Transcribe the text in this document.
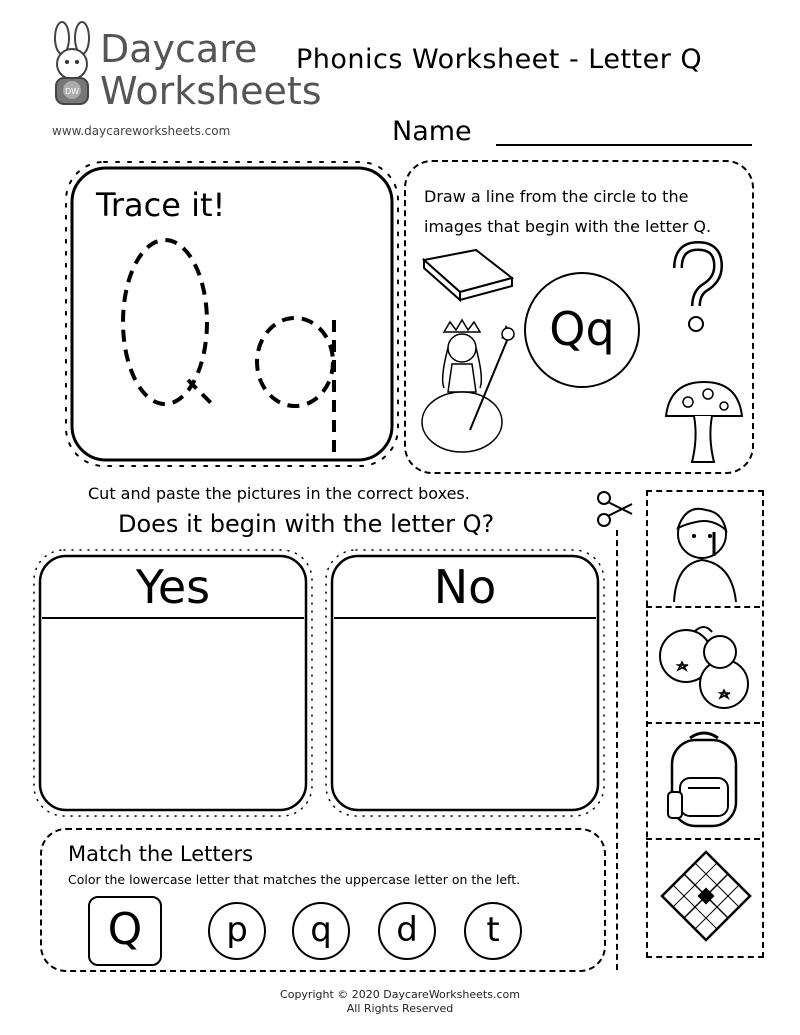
DW
Daycare
Worksheets
www.daycareworksheets.com
Phonics Worksheet - Letter Q
Name
Trace it!	Draw a line from the circle to the
images that begin with the letter Q.
Qq
Cut and paste the pictures in the correct boxes.
Does it begin with the letter Q?
Yes	No
Match the Letters
Color the lowercase letter that matches the uppercase letter on the left.
Q	p	q	d	t
Copyright © 2020 DaycareWorksheets.com
All Rights Reserved
